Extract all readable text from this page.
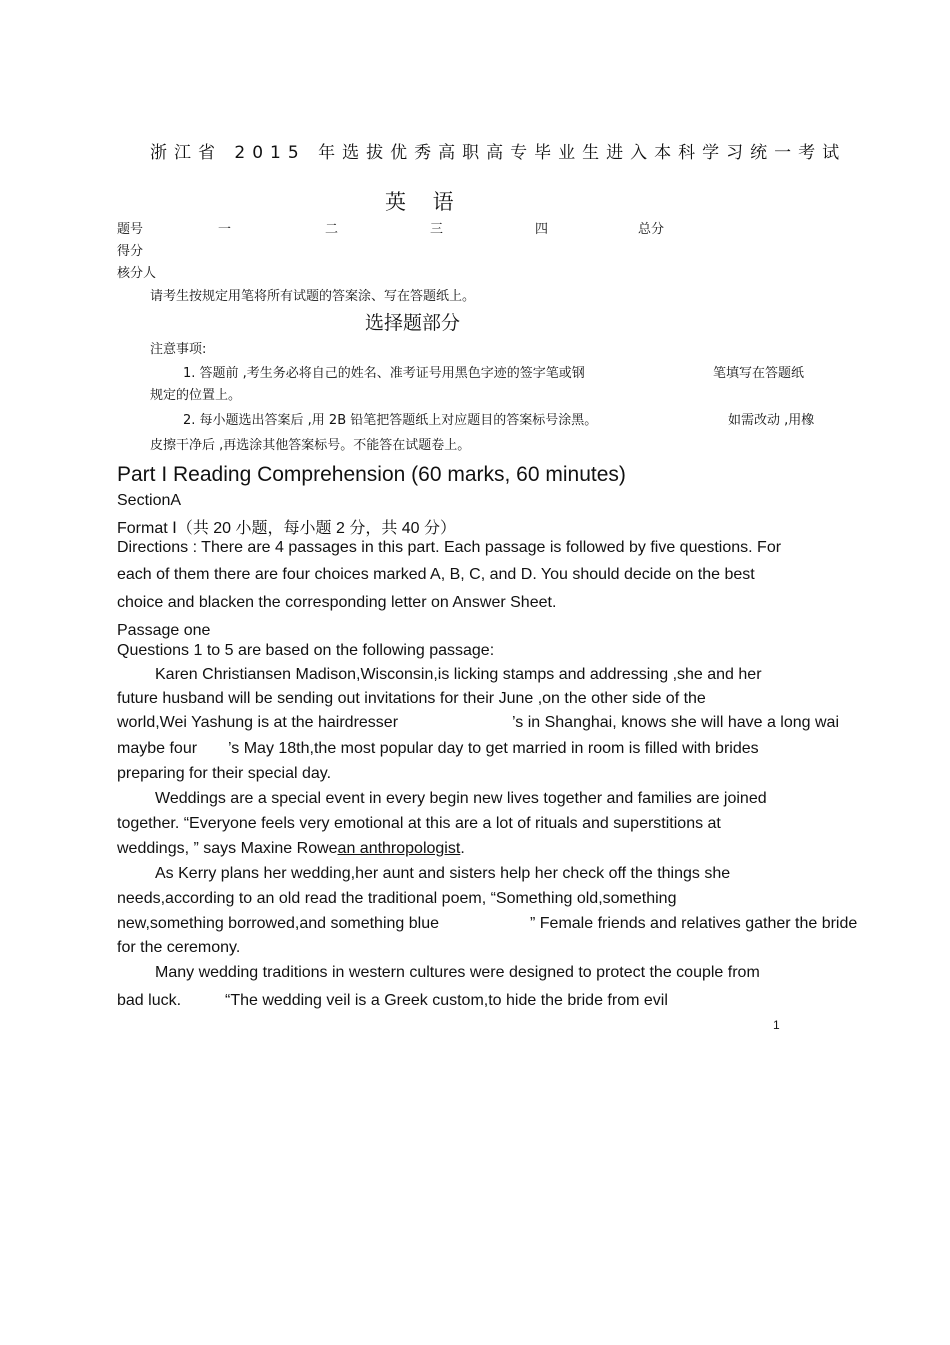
浙江省 2015 年选拔优秀高职高专毕业生进入本科学习统一考试
英 语
题号	一	二	三	四	总分
得分
核分人
请考生按规定用笔将所有试题的答案涂、写在答题纸上。
选择题部分
注意事项:
1. 答题前 ,考生务必将自己的姓名、准考证号用黑色字迹的签字笔或钢	笔填写在答题纸
规定的位置上。
2. 每小题选出答案后 ,用 2B 铅笔把答题纸上对应题目的答案标号涂黑。	如需改动 ,用橡
皮擦干净后 ,再选涂其他答案标号。不能答在试题卷上。
Part I Reading Comprehension (60 marks, 60 minutes)
SectionA
Format Ⅰ（共 20 小题，每小题 2 分，共 40 分）
Directions : There are 4 passages in this part. Each passage is followed by five questions. For
each of them there are four choices marked A, B, C, and D. You should decide on the best
choice and blacken the corresponding letter on Answer Sheet.
Passage one
Questions 1 to 5 are based on the following passage:
Karen Christiansen Madison,Wisconsin,is licking stamps and addressing ,she and her
future husband will be sending out invitations for their June ,on the other side of the
world,Wei Yashung is at the hairdresser	’s in Shanghai, knows she will have a long wai
maybe four ’s May 18th,the most popular day to get married in room is filled with brides
preparing for their special day.
Weddings are a special event in every begin new lives together and families are joined
together. “Everyone feels very emotional at this are a lot of rituals and superstitions at
weddings, ” says Maxine Rowean anthropologist.
As Kerry plans her wedding,her aunt and sisters help her check off the things she
needs,according to an old read the traditional poem, “Something old,something
new,something borrowed,and something blue	” Female friends and relatives gather the bride
for the ceremony.
Many wedding traditions in western cultures were designed to protect the couple from
bad luck.	“The wedding veil is a Greek custom,to hide the bride from evil
1
